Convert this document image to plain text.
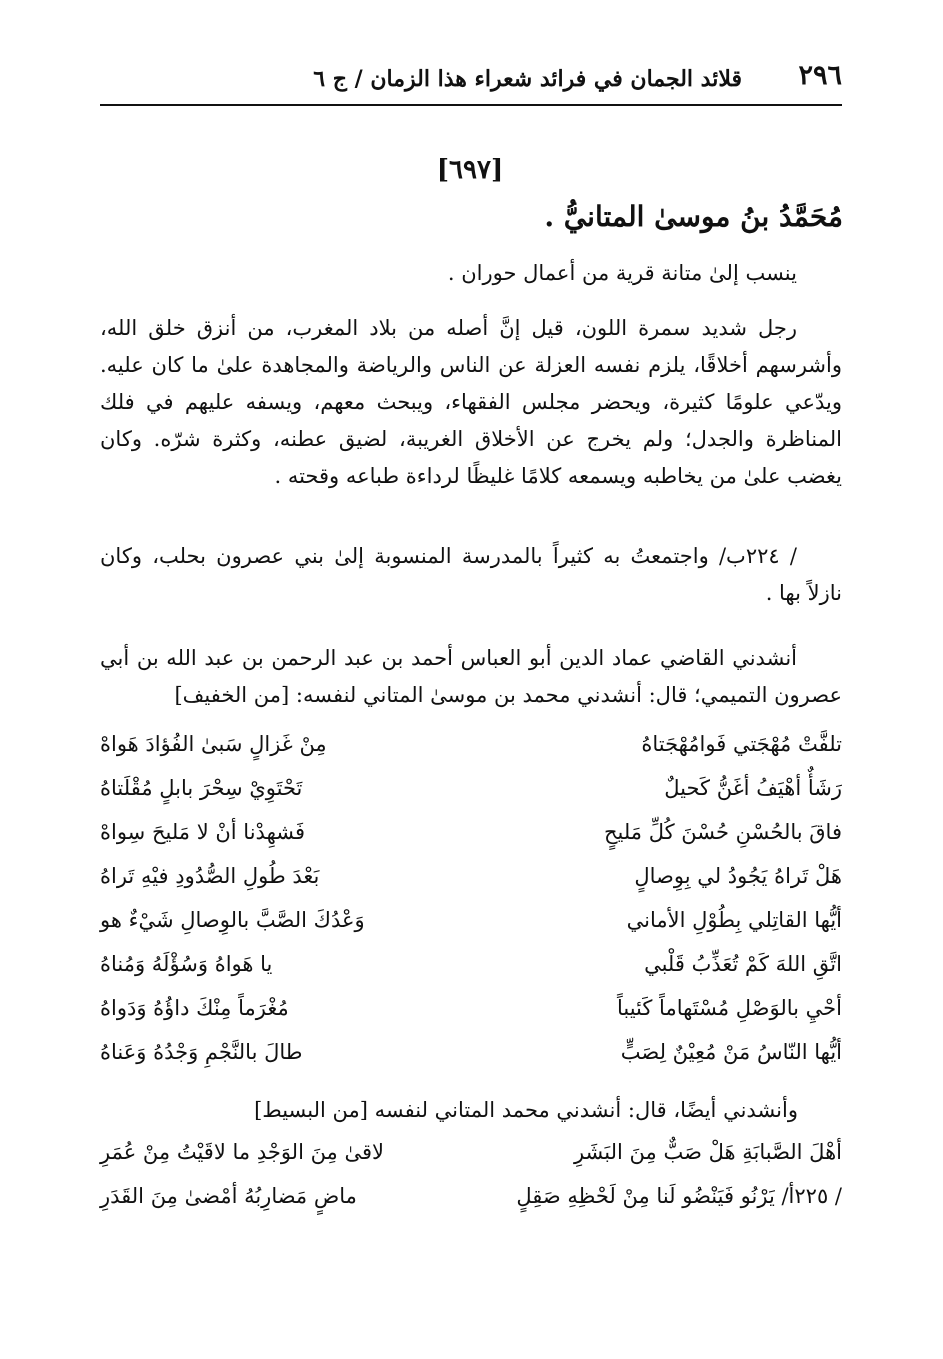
٢٩٦
قلائد الجمان في فرائد شعراء هذا الزمان / ج ٦
[٦٩٧]
مُحَمَّدُ بنُ موسىٰ المتانيُّ .
ينسب إلىٰ متانة قرية من أعمال حوران .
رجل شديد سمرة اللون، قيل إنَّ أصله من بلاد المغرب، من أنزق خلق الله، وأشرسهم أخلاقًا، يلزم نفسه العزلة عن الناس والرياضة والمجاهدة علىٰ ما كان عليه. ويدّعي علومًا كثيرة، ويحضر مجلس الفقهاء، ويبحث معهم، ويسفه عليهم في فلك المناظرة والجدل؛ ولم يخرج عن الأخلاق الغريبة، لضيق عطنه، وكثرة شرّه. وكان يغضب علىٰ من يخاطبه ويسمعه كلامًا غليظًا لرداءة طباعه وقحته .
/ ٢٢٤ب/ واجتمعتُ به كثيراً بالمدرسة المنسوبة إلىٰ بني عصرون بحلب، وكان نازلاً بها .
أنشدني القاضي عماد الدين أبو العباس أحمد بن عبد الرحمن بن عبد الله بن أبي عصرون التميمي؛ قال: أنشدني محمد بن موسىٰ المتاني لنفسه: [من الخفيف]
تلفَّتْ مُهْجَتي فَوامُهْجَتاهُ
مِنْ غَزالٍ سَبىٰ الفُؤادَ هَواهْ
رَشَأٌ أهْيَفُ أغَنُّ كَحيلٌ
تَحْتَوِيْ سِحْرَ بابلٍ مُقْلَتاهُ
فاقَ بالحُسْنِ حُسْنَ كُلِّ مَليحٍ
فَشهِدْنا أنْ لا مَليحَ سِواهْ
هَلْ تَراهُ يَجُودُ لي بِوِصالٍ
بَعْدَ طُولِ الصُّدُودِ فيْهِ تَراهُ
أيُّها القاتِلي بِطُوْلِ الأماني
وَعْدُكَ الصَّبَّ بالوِصالِ شَيْءٌ هو
اتَّقِ اللهَ كَمْ تُعَذِّبُ قَلْبي
يا هَواهُ وَسُؤْلَهُ وَمُناهُ
أحْيِ بالوَصْلِ مُسْتَهاماً كَئيباً
مُغْرَماً مِنْكَ داؤُهُ وَدَواهُ
أيُّها النّاسُ مَنْ مُعِيْنٌ لِصَبٍّ
طالَ بالنَّجْمِ وَجْدُهُ وَعَناهُ
وأنشدني أيضًا، قال: أنشدني محمد المتاني لنفسه [من البسيط]
أهْلَ الصَّبابَةِ هَلْ صَبٌّ مِنَ البَشَرِ
لاقىٰ مِنَ الوَجْدِ ما لاقَيْتُ مِنْ عُمَرِ
/ ٢٢٥أ/ يَرْنُو فَيَنْضُو لَنا مِنْ لَحْظِهِ صَقِلٍ
ماضٍ مَضارِبُهُ أمْضىٰ مِنَ القَدَرِ
